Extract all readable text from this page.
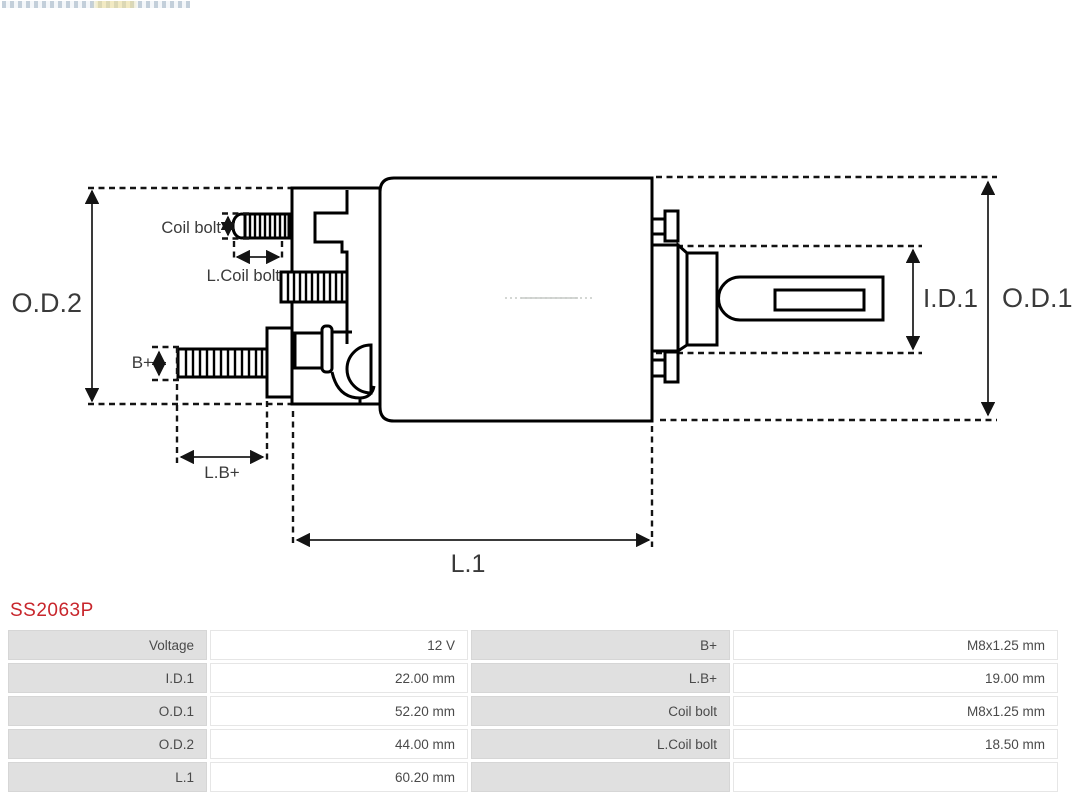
O.D.2	O.D.1
I.D.1
L.1
L.B+
Coil bolt
L.Coil bolt
B+
SS2063P
Voltage	12 V	B+	M8x1.25 mm
I.D.1	22.00 mm	L.B+	19.00 mm
O.D.1	52.20 mm	Coil bolt	M8x1.25 mm
O.D.2	44.00 mm	L.Coil bolt	18.50 mm
L.1	60.20 mm
